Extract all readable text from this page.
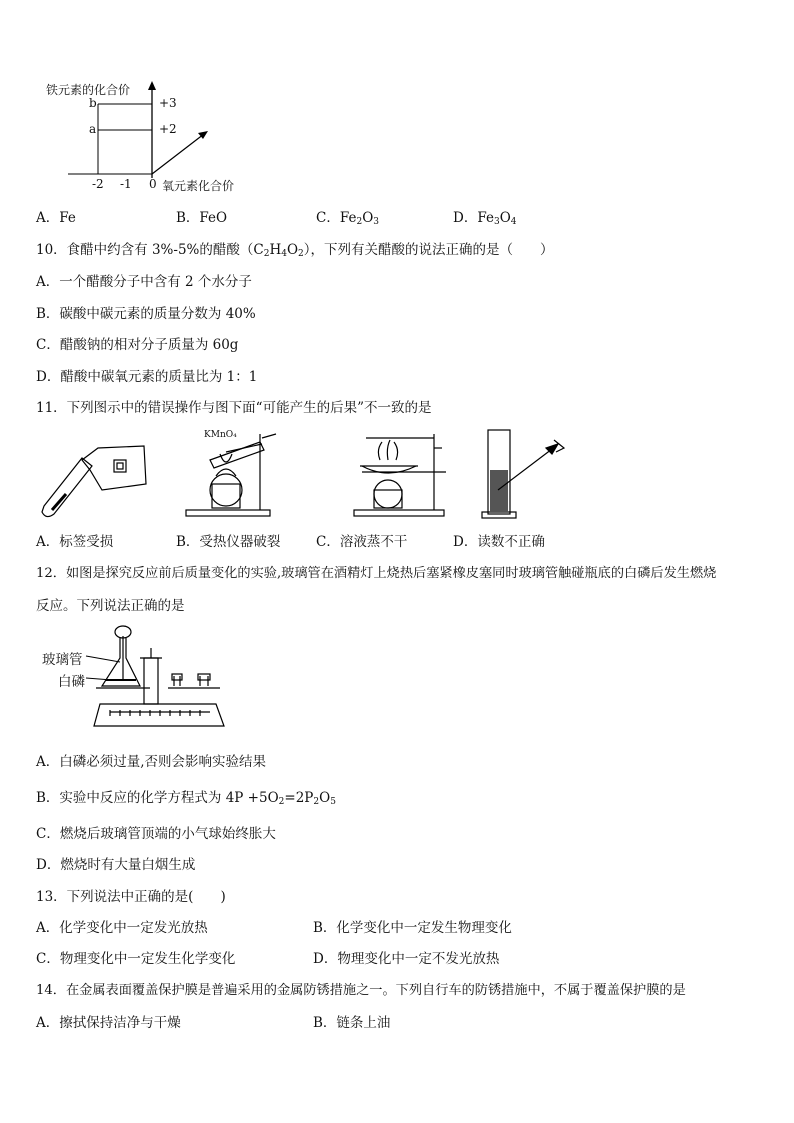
铁元素的化合价
b
a
+3
+2
-2 -1 0 氧元素化合价
A．Fe	B．FeO	C．$Fe_2O_3$	D．$Fe_3O_4$
10．食醋中约含有 3%-5%的醋酸$(C_2H_4O_2)$，下列有关醋酸的说法正确的是（　　）
A．一个醋酸分子中含有 2 个水分子
B．碳酸中碳元素的质量分数为 40%
C．醋酸钠的相对分子质量为 60g
D．醋酸中碳氧元素的质量比为 1：1
11．下列图示中的错误操作与图下面“可能产生的后果”不一致的是
KMnO₄
A．标签受损	B．受热仪器破裂	C．溶液蒸不干	D．读数不正确
12．如图是探究反应前后质量变化的实验,玻璃管在酒精灯上烧热后塞紧橡皮塞同时玻璃管触碰瓶底的白磷后发生燃烧
反应。下列说法正确的是
玻璃管
白磷
A．白磷必须过量,否则会影响实验结果
B．实验中反应的化学方程式为 $4P +5O_2=2P_2O_5$
C．燃烧后玻璃管顶端的小气球始终胀大
D．燃烧时有大量白烟生成
13．下列说法中正确的是(　　)
A．化学变化中一定发光放热	B．化学变化中一定发生物理变化
C．物理变化中一定发生化学变化	D．物理变化中一定不发光放热
14．在金属表面覆盖保护膜是普遍采用的金属防锈措施之一。下列自行车的防锈措施中，不属于覆盖保护膜的是
A．擦拭保持洁净与干燥	B．链条上油
